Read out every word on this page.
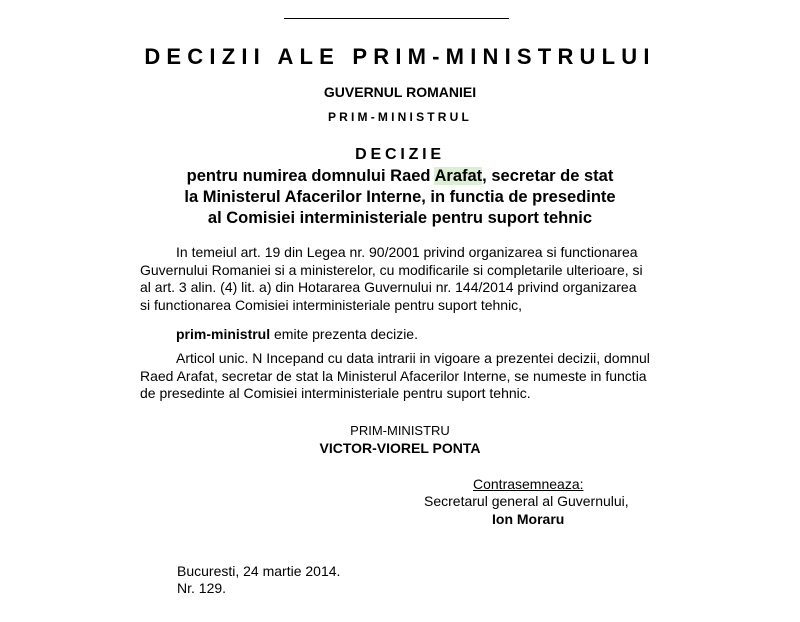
DECIZII ALE PRIM-MINISTRULUI
GUVERNUL ROMANIEI
PRIM-MINISTRUL
DECIZIE
pentru numirea domnului Raed Arafat, secretar de stat
la Ministerul Afacerilor Interne, in functia de presedinte
al Comisiei interministeriale pentru suport tehnic
In temeiul art. 19 din Legea nr. 90/2001 privind organizarea si functionarea
Guvernului Romaniei si a ministerelor, cu modificarile si completarile ulterioare, si
al art. 3 alin. (4) lit. a) din Hotararea Guvernului nr. 144/2014 privind organizarea
si functionarea Comisiei interministeriale pentru suport tehnic,
prim-ministrul emite prezenta decizie.
Articol unic. N Incepand cu data intrarii in vigoare a prezentei decizii, domnul
Raed Arafat, secretar de stat la Ministerul Afacerilor Interne, se numeste in functia
de presedinte al Comisiei interministeriale pentru suport tehnic.
PRIM-MINISTRU
VICTOR-VIOREL PONTA
Contrasemneaza:
Secretarul general al Guvernului,
Ion Moraru
Bucuresti, 24 martie 2014.
Nr. 129.
